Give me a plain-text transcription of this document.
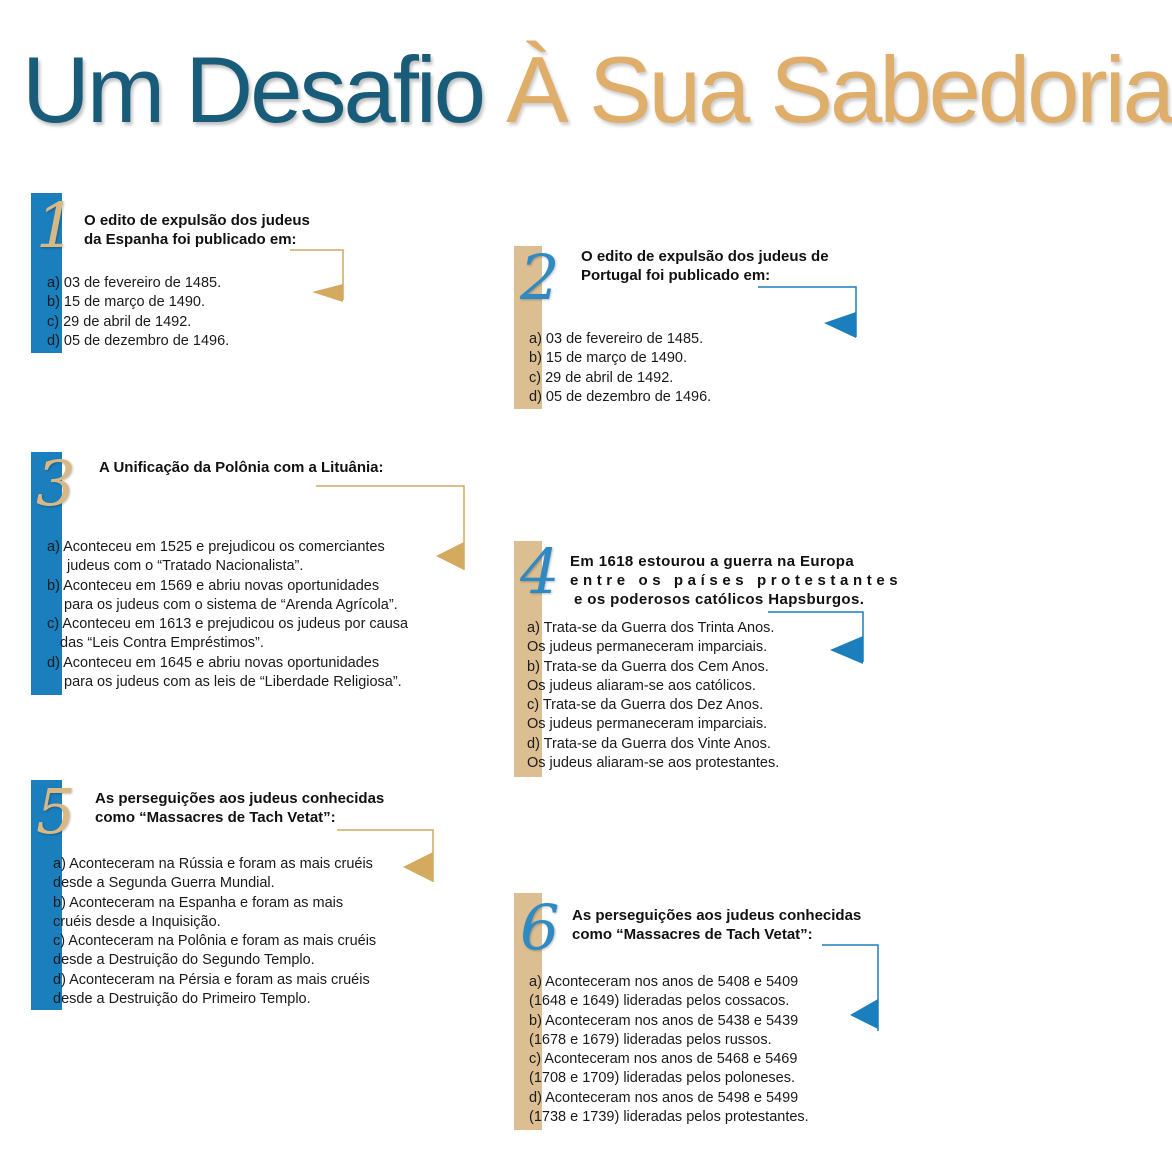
Um Desafio À Sua Sabedoria
1 O edito de expulsão dos judeus
da Espanha foi publicado em:
a) 03 de fevereiro de 1485.
b) 15 de março de 1490.
c) 29 de abril de 1492.
d) 05 de dezembro de 1496.
2 O edito de expulsão dos judeus de
Portugal foi publicado em:
a) 03 de fevereiro de 1485.
b) 15 de março de 1490.
c) 29 de abril de 1492.
d) 05 de dezembro de 1496.
3 A Unificação da Polônia com a Lituânia:
a) Aconteceu em 1525 e prejudicou os comerciantes
judeus com o “Tratado Nacionalista”.
b) Aconteceu em 1569 e abriu novas oportunidades
para os judeus com o sistema de “Arenda Agrícola”.
c) Aconteceu em 1613 e prejudicou os judeus por causa
das “Leis Contra Empréstimos”.
d) Aconteceu em 1645 e abriu novas oportunidades
para os judeus com as leis de “Liberdade Religiosa”.
4 Em 1618 estourou a guerra na Europa
entre os países protestantes
e os poderosos católicos Hapsburgos.
a) Trata-se da Guerra dos Trinta Anos.
Os judeus permaneceram imparciais.
b) Trata-se da Guerra dos Cem Anos.
Os judeus aliaram-se aos católicos.
c) Trata-se da Guerra dos Dez Anos.
Os judeus permaneceram imparciais.
d) Trata-se da Guerra dos Vinte Anos.
Os judeus aliaram-se aos protestantes.
5 As perseguições aos judeus conhecidas
como “Massacres de Tach Vetat”:
a) Aconteceram na Rússia e foram as mais cruéis
desde a Segunda Guerra Mundial.
b) Aconteceram na Espanha e foram as mais
cruéis desde a Inquisição.
c) Aconteceram na Polônia e foram as mais cruéis
desde a Destruição do Segundo Templo.
d) Aconteceram na Pérsia e foram as mais cruéis
desde a Destruição do Primeiro Templo.
6 As perseguições aos judeus conhecidas
como “Massacres de Tach Vetat”:
a) Aconteceram nos anos de 5408 e 5409
(1648 e 1649) lideradas pelos cossacos.
b) Aconteceram nos anos de 5438 e 5439
(1678 e 1679) lideradas pelos russos.
c) Aconteceram nos anos de 5468 e 5469
(1708 e 1709) lideradas pelos poloneses.
d) Aconteceram nos anos de 5498 e 5499
(1738 e 1739) lideradas pelos protestantes.
